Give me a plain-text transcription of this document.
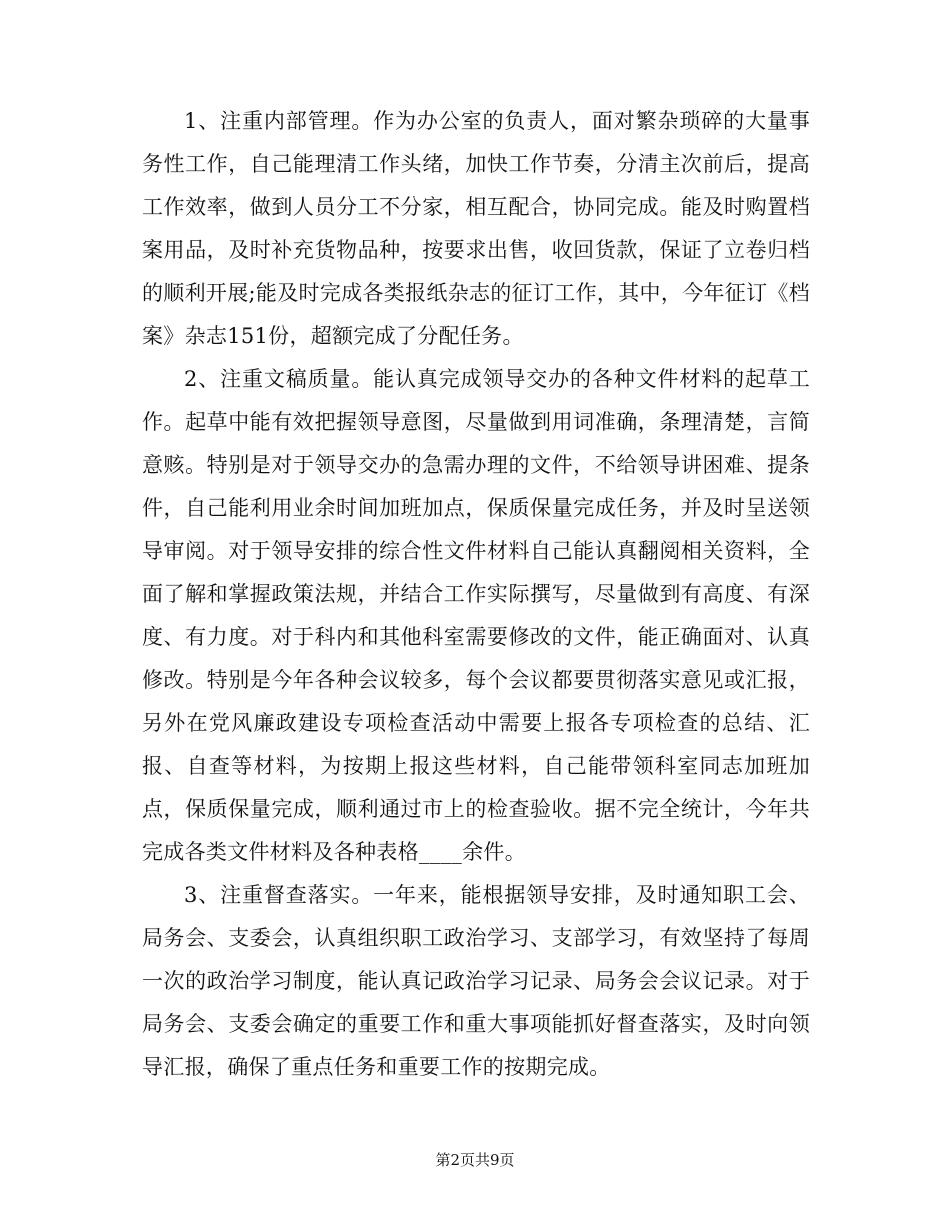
1、注重内部管理。作为办公室的负责人，面对繁杂琐碎的大量事务性工作，自己能理清工作头绪，加快工作节奏，分清主次前后，提高工作效率，做到人员分工不分家，相互配合，协同完成。能及时购置档案用品，及时补充货物品种，按要求出售，收回货款，保证了立卷归档的顺利开展;能及时完成各类报纸杂志的征订工作，其中，今年征订《档案》杂志151份，超额完成了分配任务。

2、注重文稿质量。能认真完成领导交办的各种文件材料的起草工作。起草中能有效把握领导意图，尽量做到用词准确，条理清楚，言简意赅。特别是对于领导交办的急需办理的文件，不给领导讲困难、提条件，自己能利用业余时间加班加点，保质保量完成任务，并及时呈送领导审阅。对于领导安排的综合性文件材料自己能认真翻阅相关资料，全面了解和掌握政策法规，并结合工作实际撰写，尽量做到有高度、有深度、有力度。对于科内和其他科室需要修改的文件，能正确面对、认真修改。特别是今年各种会议较多，每个会议都要贯彻落实意见或汇报，另外在党风廉政建设专项检查活动中需要上报各专项检查的总结、汇报、自查等材料，为按期上报这些材料，自己能带领科室同志加班加点，保质保量完成，顺利通过市上的检查验收。据不完全统计，今年共完成各类文件材料及各种表格____余件。

3、注重督查落实。一年来，能根据领导安排，及时通知职工会、局务会、支委会，认真组织职工政治学习、支部学习，有效坚持了每周一次的政治学习制度，能认真记政治学习记录、局务会会议记录。对于局务会、支委会确定的重要工作和重大事项能抓好督查落实，及时向领导汇报，确保了重点任务和重要工作的按期完成。

第2页共9页
